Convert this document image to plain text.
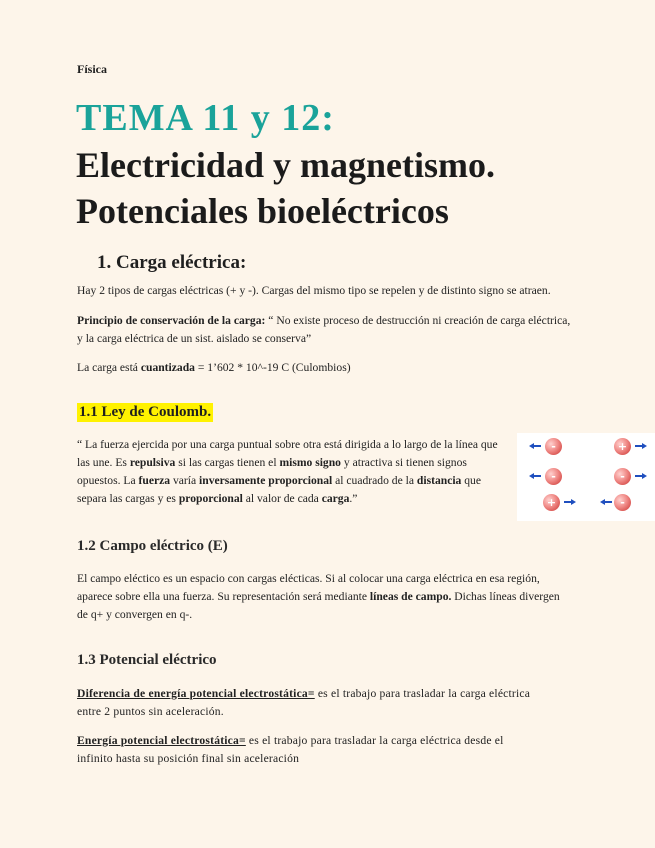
Física
TEMA 11 y 12:
Electricidad y magnetismo.
Potenciales bioeléctricos
1. Carga eléctrica:
Hay 2 tipos de cargas eléctricas (+ y -). Cargas del mismo tipo se repelen y de distinto signo se atraen.
Principio de conservación de la carga: “ No existe proceso de destrucción ni creación de carga eléctrica,
y la carga eléctrica de un sist. aislado se conserva”
La carga está cuantizada = 1’602 * 10^-19 C (Culombios)
1.1 Ley de Coulomb.
“ La fuerza ejercida por una carga puntual sobre otra está dirigida a lo largo de la línea que
las une. Es repulsiva si las cargas tienen el mismo signo y atractiva si tienen signos
opuestos. La fuerza varía inversamente proporcional al cuadrado de la distancia que
separa las cargas y es proporcional al valor de cada carga.”
-	+
-	-
+	-
1.2 Campo eléctrico (E)
El campo eléctico es un espacio con cargas elécticas. Si al colocar una carga eléctrica en esa región,
aparece sobre ella una fuerza. Su representación será mediante líneas de campo. Dichas líneas divergen
de q+ y convergen en q-.
1.3 Potencial eléctrico
Diferencia de energía potencial electrostática= es el trabajo para trasladar la carga eléctrica
entre 2 puntos sin aceleración.
Energía potencial electrostática= es el trabajo para trasladar la carga eléctrica desde el
infinito hasta su posición final sin aceleración
